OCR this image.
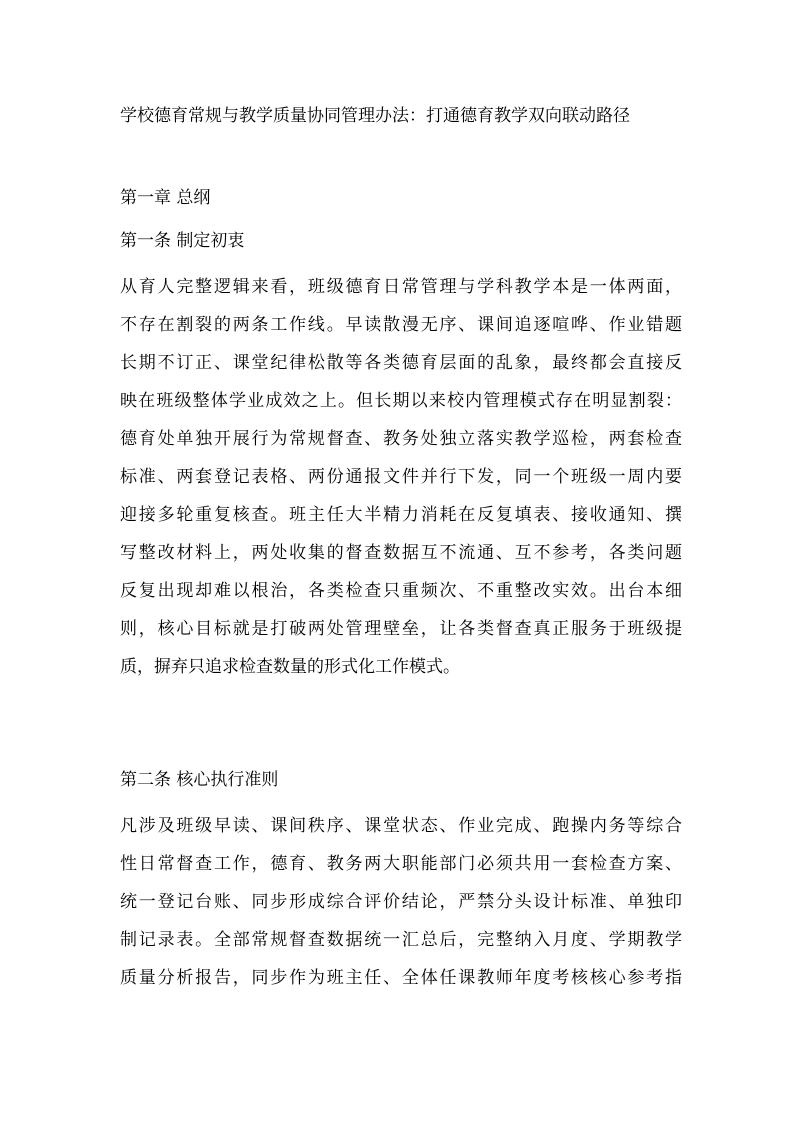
学校德育常规与教学质量协同管理办法：打通德育教学双向联动路径
第一章 总纲
第一条 制定初衷
从育人完整逻辑来看，班级德育日常管理与学科教学本是一体两面，
不存在割裂的两条工作线。早读散漫无序、课间追逐喧哗、作业错题
长期不订正、课堂纪律松散等各类德育层面的乱象，最终都会直接反
映在班级整体学业成效之上。但长期以来校内管理模式存在明显割裂：
德育处单独开展行为常规督查、教务处独立落实教学巡检，两套检查
标准、两套登记表格、两份通报文件并行下发，同一个班级一周内要
迎接多轮重复核查。班主任大半精力消耗在反复填表、接收通知、撰
写整改材料上，两处收集的督查数据互不流通、互不参考，各类问题
反复出现却难以根治，各类检查只重频次、不重整改实效。出台本细
则，核心目标就是打破两处管理壁垒，让各类督查真正服务于班级提
质，摒弃只追求检查数量的形式化工作模式。
第二条 核心执行准则
凡涉及班级早读、课间秩序、课堂状态、作业完成、跑操内务等综合
性日常督查工作，德育、教务两大职能部门必须共用一套检查方案、
统一登记台账、同步形成综合评价结论，严禁分头设计标准、单独印
制记录表。全部常规督查数据统一汇总后，完整纳入月度、学期教学
质量分析报告，同步作为班主任、全体任课教师年度考核核心参考指
